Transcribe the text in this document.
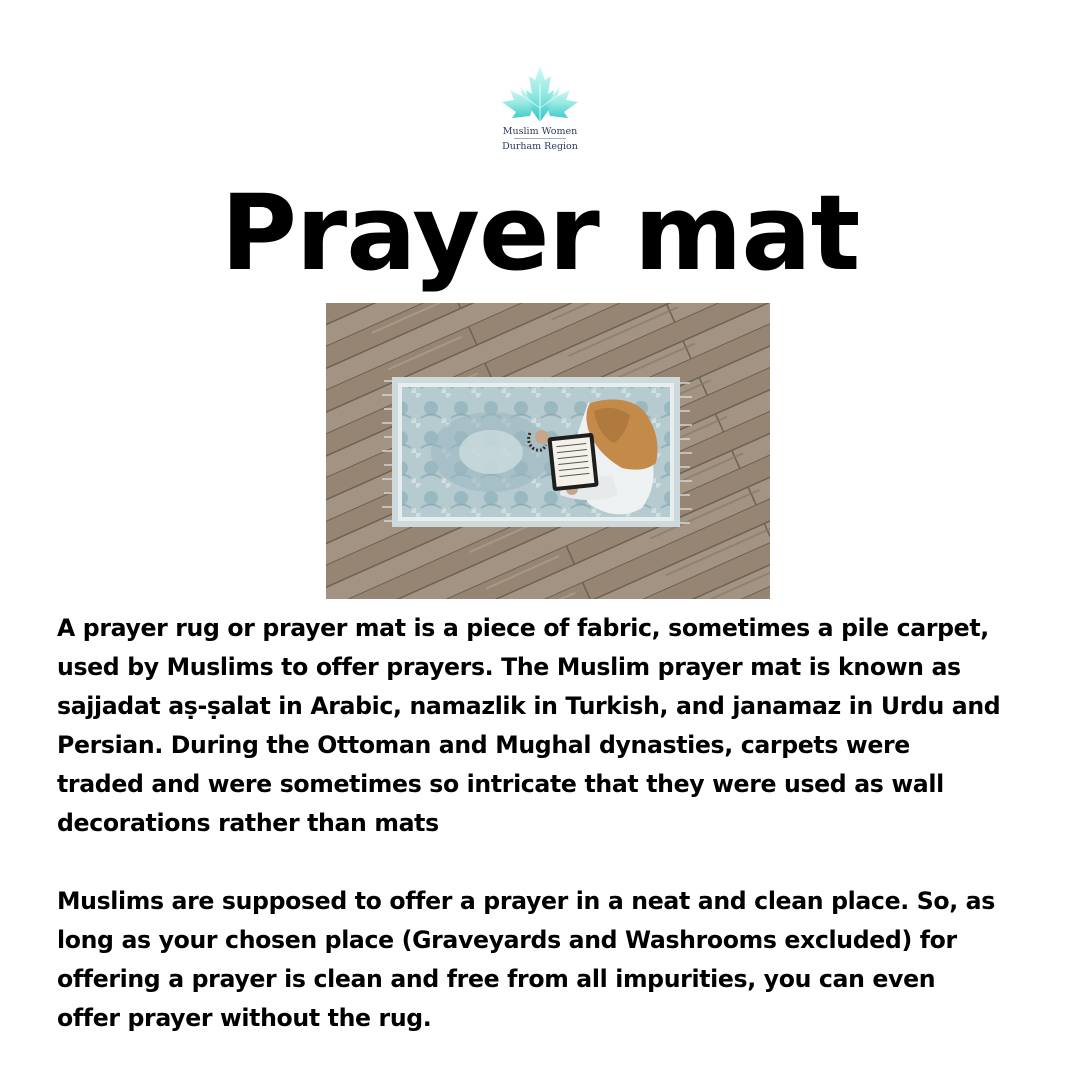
Muslim Women
Durham Region
Prayer mat

A prayer rug or prayer mat is a piece of fabric, sometimes a pile carpet,
used by Muslims to offer prayers. The Muslim prayer mat is known as
sajjadat aṣ-ṣalat in Arabic, namazlik in Turkish, and janamaz in Urdu and
Persian. During the Ottoman and Mughal dynasties, carpets were
traded and were sometimes so intricate that they were used as wall
decorations rather than mats

Muslims are supposed to offer a prayer in a neat and clean place. So, as
long as your chosen place (Graveyards and Washrooms excluded) for
offering a prayer is clean and free from all impurities, you can even
offer prayer without the rug.
